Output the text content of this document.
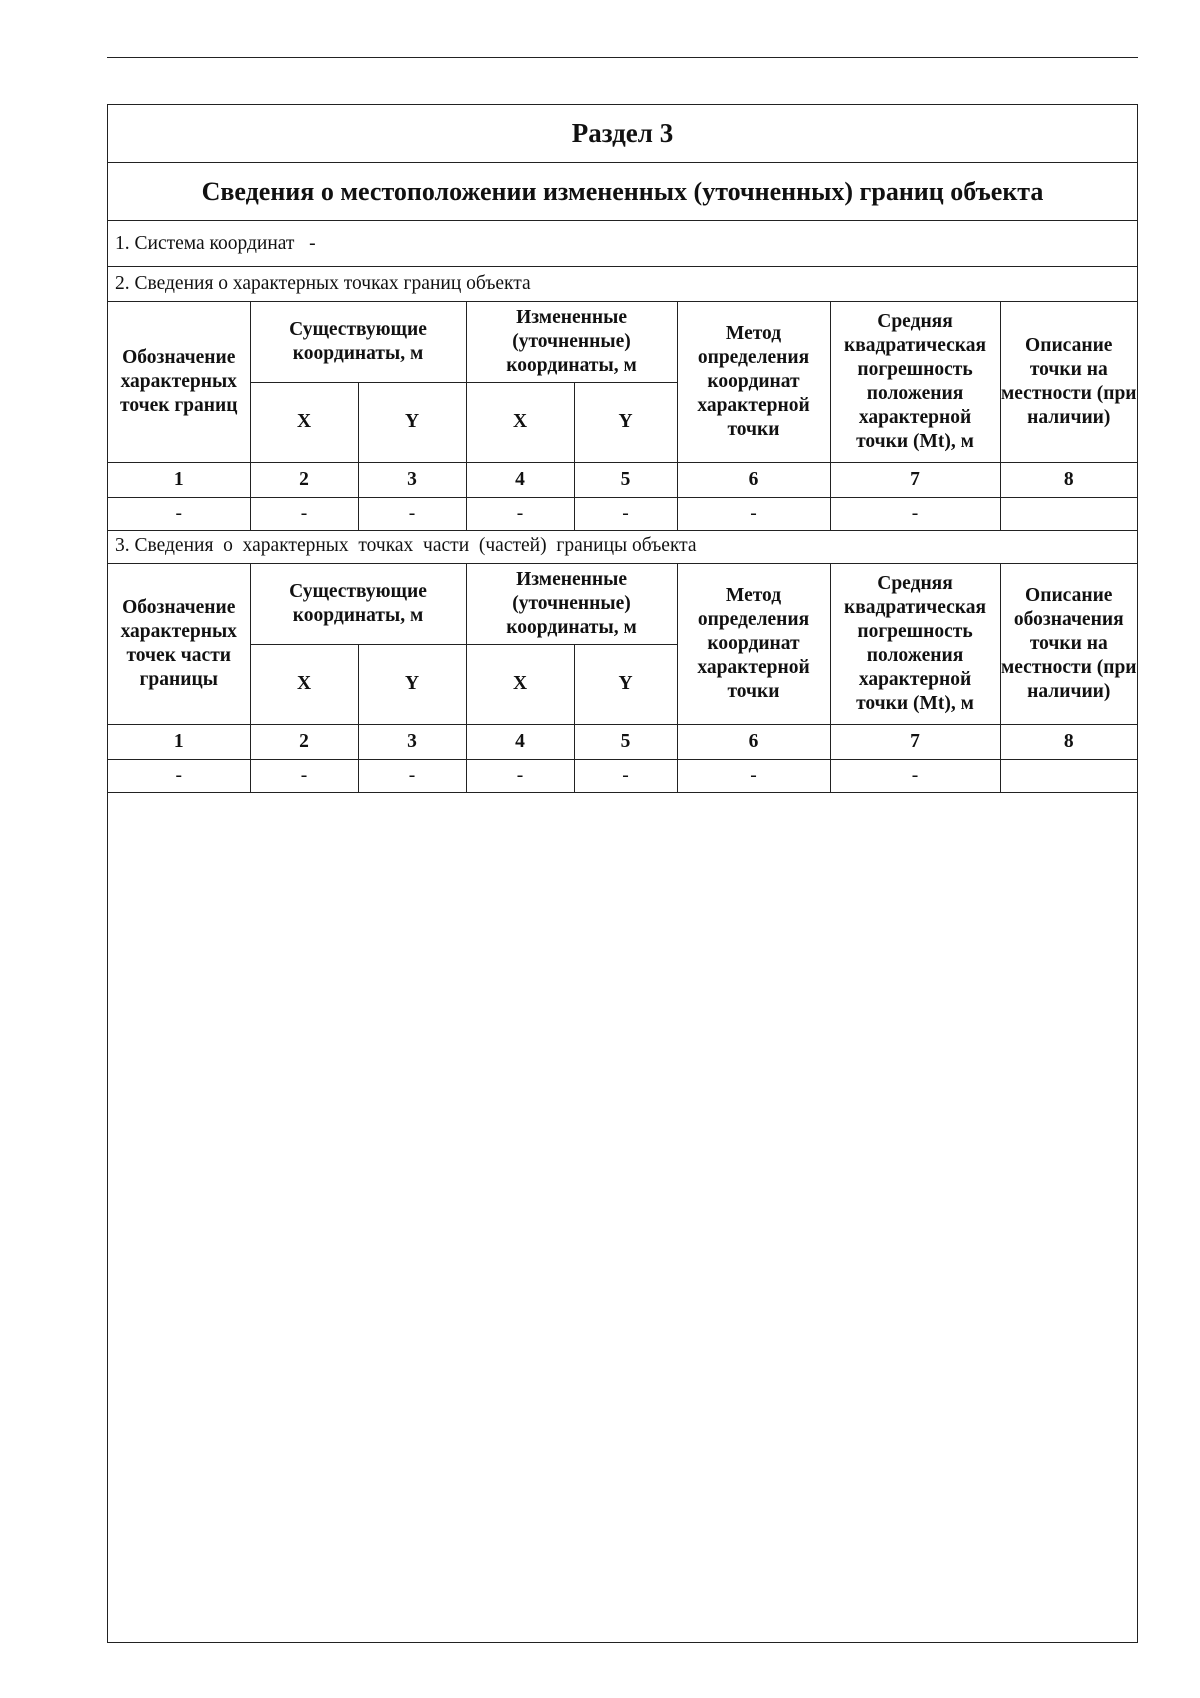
Раздел 3
Сведения о местоположении измененных (уточненных) границ объекта
1. Система координат   -
2. Сведения о характерных точках границ объекта
Обозначение характерных точек границ	Существующие координаты, м		Измененные (уточненные) координаты, м		Метод определения координат характерной точки	Средняя квадратическая погрешность положения характерной точки (Mt), м	Описание точки на местности (при наличии)
	X	Y	X	Y			
1	2	3	4	5	6	7	8
-	-	-	-	-	-	-	
3. Сведения  о  характерных  точках  части  (частей)  границы объекта
Обозначение характерных точек части границы	Существующие координаты, м		Измененные (уточненные) координаты, м		Метод определения координат характерной точки	Средняя квадратическая погрешность положения характерной точки (Mt), м	Описание обозначения точки на местности (при наличии)
	X	Y	X	Y			
1	2	3	4	5	6	7	8
-	-	-	-	-	-	-	
